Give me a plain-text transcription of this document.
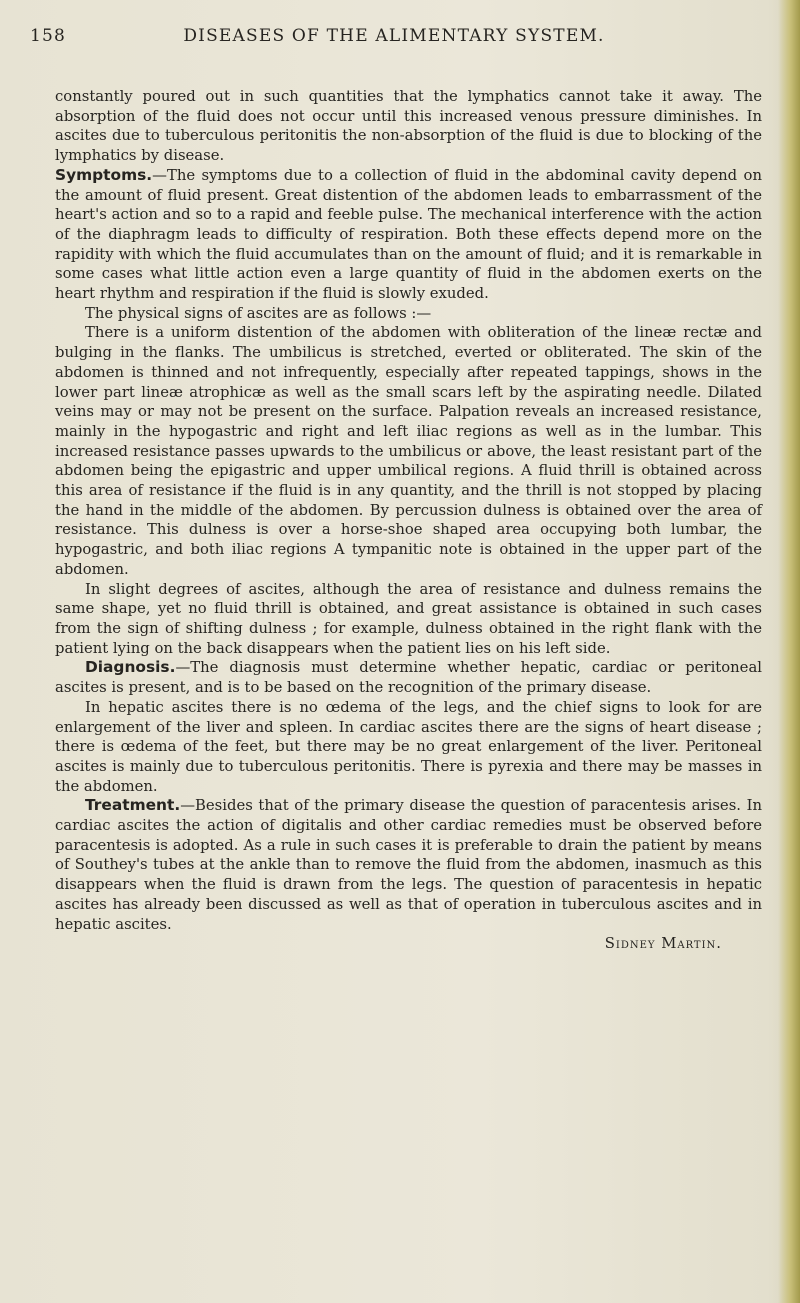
158	DISEASES OF THE ALIMENTARY SYSTEM.

constantly poured out in such quantities that the lymphatics cannot take it away. The absorption of the fluid does not occur until this increased venous pressure diminishes. In ascites due to tuberculous peritonitis the non-absorption of the fluid is due to blocking of the lymphatics by disease.

Symptoms.—The symptoms due to a collection of fluid in the abdominal cavity depend on the amount of fluid present. Great distention of the abdomen leads to embarrassment of the heart's action and so to a rapid and feeble pulse. The mechanical interference with the action of the diaphragm leads to difficulty of respiration. Both these effects depend more on the rapidity with which the fluid accumulates than on the amount of fluid; and it is remarkable in some cases what little action even a large quantity of fluid in the abdomen exerts on the heart rhythm and respiration if the fluid is slowly exuded.

The physical signs of ascites are as follows :—

There is a uniform distention of the abdomen with obliteration of the lineæ rectæ and bulging in the flanks. The umbilicus is stretched, everted or obliterated. The skin of the abdomen is thinned and not infrequently, especially after repeated tappings, shows in the lower part lineæ atrophicæ as well as the small scars left by the aspirating needle. Dilated veins may or may not be present on the surface. Palpation reveals an increased resistance, mainly in the hypogastric and right and left iliac regions as well as in the lumbar. This increased resistance passes upwards to the umbilicus or above, the least resistant part of the abdomen being the epigastric and upper umbilical regions. A fluid thrill is obtained across this area of resistance if the fluid is in any quantity, and the thrill is not stopped by placing the hand in the middle of the abdomen. By percussion dulness is obtained over the area of resistance. This dulness is over a horse-shoe shaped area occupying both lumbar, the hypogastric, and both iliac regions A tympanitic note is obtained in the upper part of the abdomen.

In slight degrees of ascites, although the area of resistance and dulness remains the same shape, yet no fluid thrill is obtained, and great assistance is obtained in such cases from the sign of shifting dulness ; for example, dulness obtained in the right flank with the patient lying on the back disappears when the patient lies on his left side.

Diagnosis.—The diagnosis must determine whether hepatic, cardiac or peritoneal ascites is present, and is to be based on the recognition of the primary disease.

In hepatic ascites there is no œdema of the legs, and the chief signs to look for are enlargement of the liver and spleen. In cardiac ascites there are the signs of heart disease ; there is œdema of the feet, but there may be no great enlargement of the liver. Peritoneal ascites is mainly due to tuberculous peritonitis. There is pyrexia and there may be masses in the abdomen.

Treatment.—Besides that of the primary disease the question of paracentesis arises. In cardiac ascites the action of digitalis and other cardiac remedies must be observed before paracentesis is adopted. As a rule in such cases it is preferable to drain the patient by means of Southey's tubes at the ankle than to remove the fluid from the abdomen, inasmuch as this disappears when the fluid is drawn from the legs. The question of paracentesis in hepatic ascites has already been discussed as well as that of operation in tuberculous ascites and in hepatic ascites.

Sidney Martin.
